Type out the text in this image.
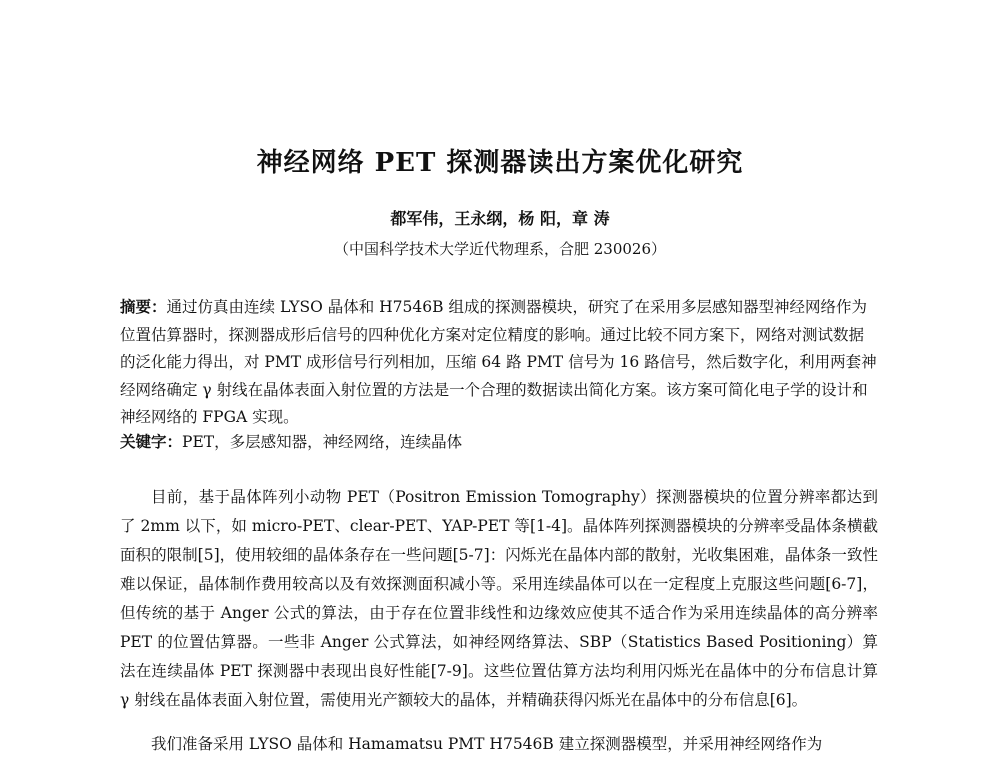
神经网络 PET 探测器读出方案优化研究
都军伟，王永纲，杨 阳，章 涛
（中国科学技术大学近代物理系，合肥 230026）
摘要：通过仿真由连续 LYSO 晶体和 H7546B 组成的探测器模块，研究了在采用多层感知器型神经网络作为位置估算器时，探测器成形后信号的四种优化方案对定位精度的影响。通过比较不同方案下，网络对测试数据的泛化能力得出，对 PMT 成形信号行列相加，压缩 64 路 PMT 信号为 16 路信号，然后数字化，利用两套神经网络确定 γ 射线在晶体表面入射位置的方法是一个合理的数据读出简化方案。该方案可简化电子学的设计和神经网络的 FPGA 实现。
关键字：PET，多层感知器，神经网络，连续晶体
目前，基于晶体阵列小动物 PET（Positron Emission Tomography）探测器模块的位置分辨率都达到了 2mm 以下，如 micro-PET、clear-PET、YAP-PET 等[1-4]。晶体阵列探测器模块的分辨率受晶体条横截面积的限制[5]，使用较细的晶体条存在一些问题[5-7]：闪烁光在晶体内部的散射，光收集困难，晶体条一致性难以保证，晶体制作费用较高以及有效探测面积减小等。采用连续晶体可以在一定程度上克服这些问题[6-7]，但传统的基于 Anger 公式的算法，由于存在位置非线性和边缘效应使其不适合作为采用连续晶体的高分辨率 PET 的位置估算器。一些非 Anger 公式算法，如神经网络算法、SBP（Statistics Based Positioning）算法在连续晶体 PET 探测器中表现出良好性能[7-9]。这些位置估算方法均利用闪烁光在晶体中的分布信息计算 γ 射线在晶体表面入射位置，需使用光产额较大的晶体，并精确获得闪烁光在晶体中的分布信息[6]。
我们准备采用 LYSO 晶体和 Hamamatsu PMT H7546B 建立探测器模型，并采用神经网络作为
